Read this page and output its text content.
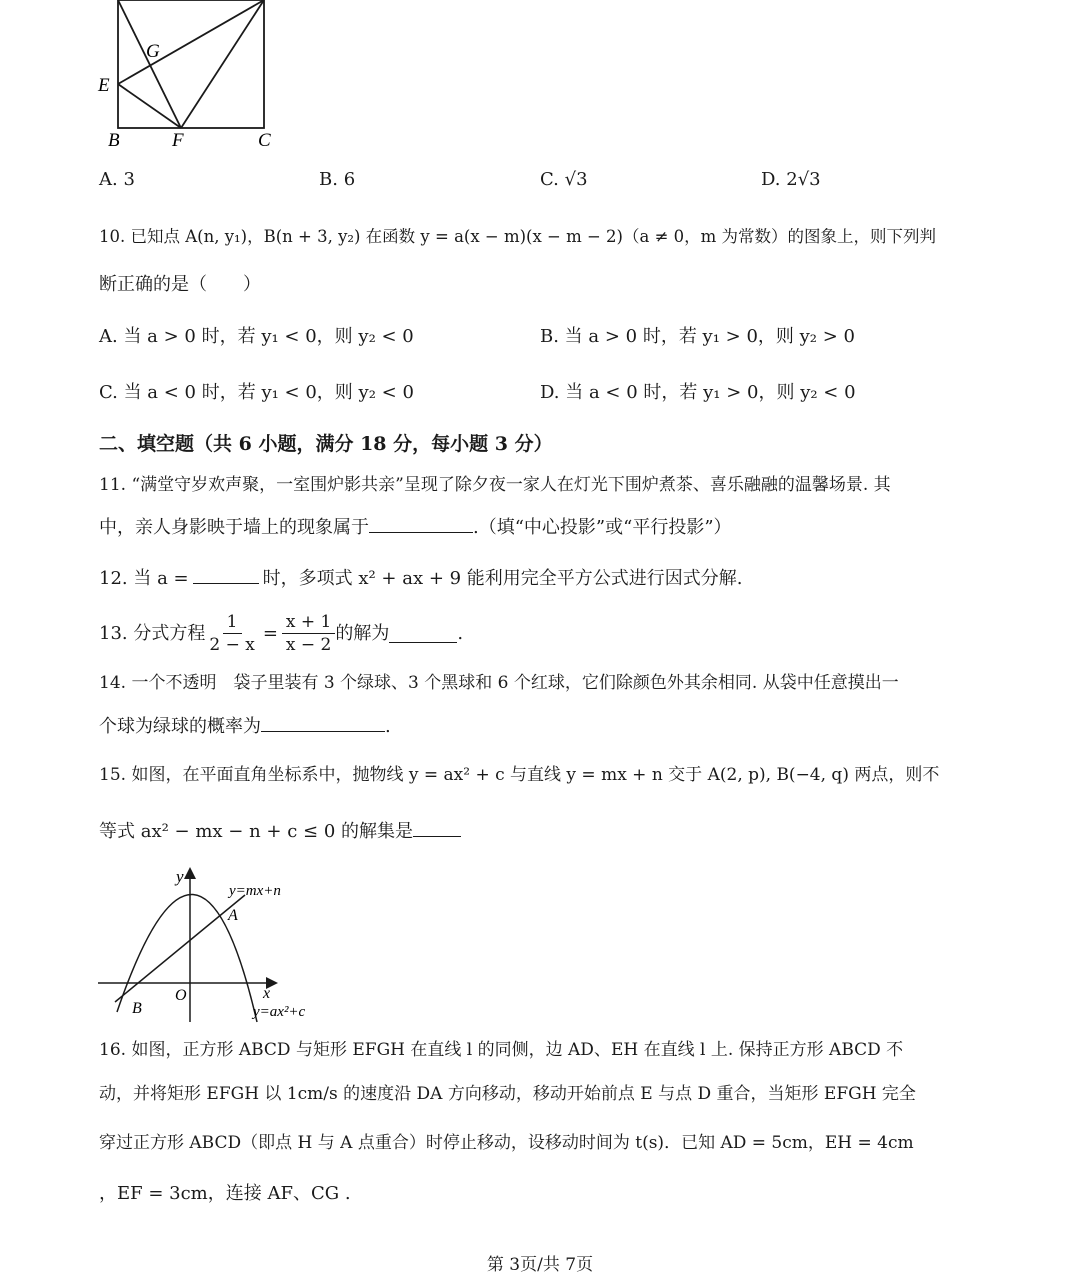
G
E
B	F	C
A. 3	B. 6	C. √3	D. 2√3
10. 已知点 A(n, y₁)，B(n + 3, y₂) 在函数 y = a(x − m)(x − m − 2)（a ≠ 0，m 为常数）的图象上，则下列判
断正确的是（　　）
A. 当 a > 0 时，若 y₁ < 0，则 y₂ < 0	B. 当 a > 0 时，若 y₁ > 0，则 y₂ > 0
C. 当 a < 0 时，若 y₁ < 0，则 y₂ < 0	D. 当 a < 0 时，若 y₁ > 0，则 y₂ < 0
二、填空题（共 6 小题，满分 18 分，每小题 3 分）
11. “满堂守岁欢声聚，一室围炉影共亲”呈现了除夕夜一家人在灯光下围炉煮茶、喜乐融融的温馨场景. 其
中，亲人身影映于墙上的现象属于	.（填“中心投影”或“平行投影”）
12. 当 a =	时，多项式 x² + ax + 9 能利用完全平方公式进行因式分解.
13. 分式方程 $\frac{1}{2 - x} = \frac{x + 1}{x - 2}$ 的解为	.
14. 一个不透明　袋子里装有 3 个绿球、3 个黑球和 6 个红球，它们除颜色外其余相同. 从袋中任意摸出一
个球为绿球的概率为	.
15. 如图，在平面直角坐标系中，抛物线 y = ax² + c 与直线 y = mx + n 交于 A(2, p), B(−4, q) 两点，则不
等式 ax² − mx − n + c ≤ 0 的解集是
y
y=mx+n
A
O	x
B	y=ax²+c
16. 如图，正方形 ABCD 与矩形 EFGH 在直线 l 的同侧，边 AD、EH 在直线 l 上. 保持正方形 ABCD 不
动，并将矩形 EFGH 以 1cm/s 的速度沿 DA 方向移动，移动开始前点 E 与点 D 重合，当矩形 EFGH 完全
穿过正方形 ABCD（即点 H 与 A 点重合）时停止移动，设移动时间为 t(s)．已知 AD = 5cm，EH = 4cm
，EF = 3cm，连接 AF、CG .
第 3页/共 7页
